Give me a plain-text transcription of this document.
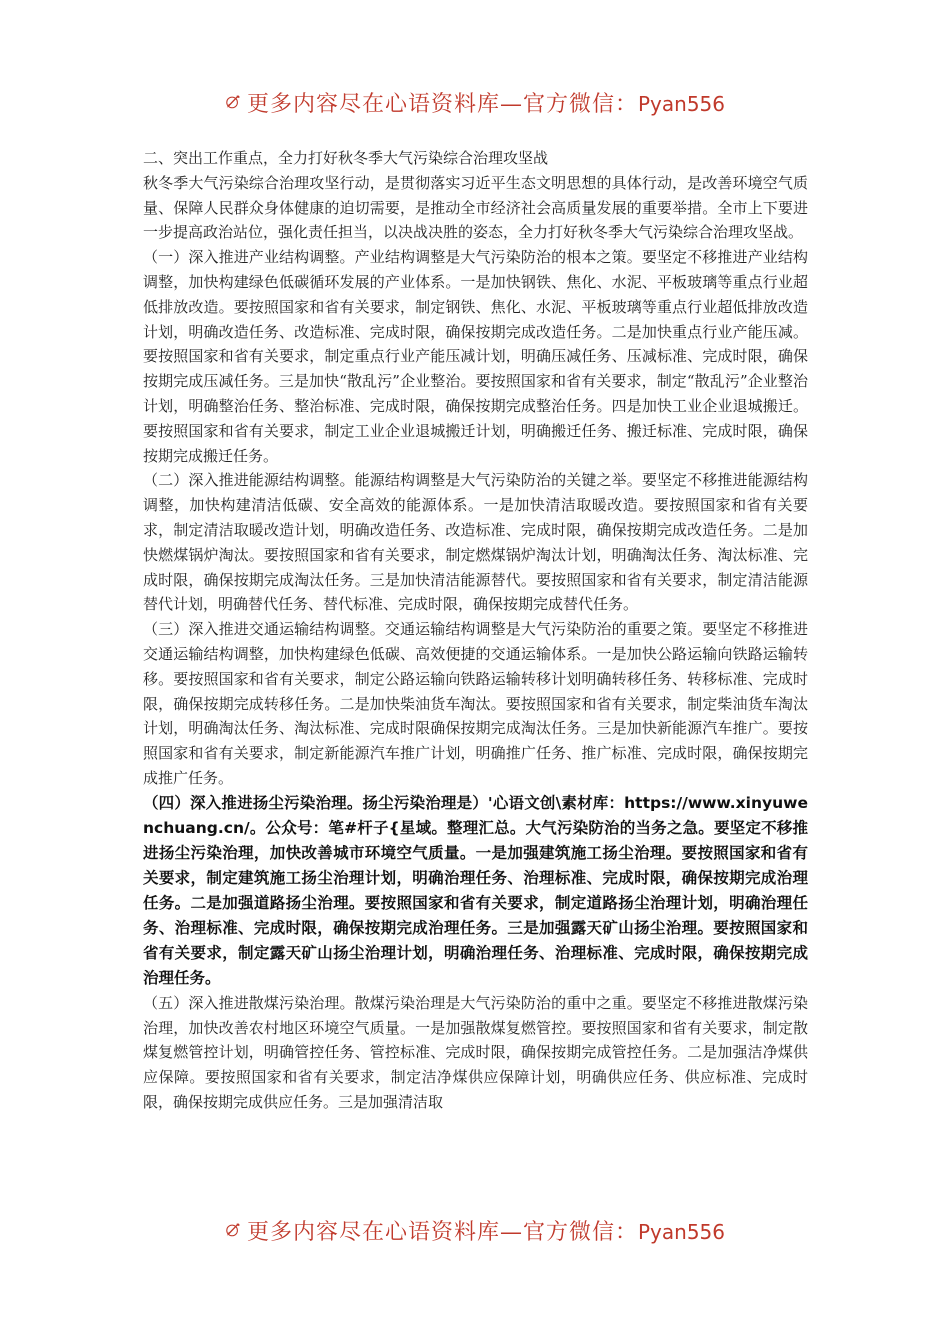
更多内容尽在心语资料库—官方微信：Pyan556

二、突出工作重点，全力打好秋冬季大气污染综合治理攻坚战

秋冬季大气污染综合治理攻坚行动，是贯彻落实习近平生态文明思想的具体行动，是改善环境空气质量、保障人民群众身体健康的迫切需要，是推动全市经济社会高质量发展的重要举措。全市上下要进一步提高政治站位，强化责任担当，以决战决胜的姿态，全力打好秋冬季大气污染综合治理攻坚战。

（一）深入推进产业结构调整。产业结构调整是大气污染防治的根本之策。要坚定不移推进产业结构调整，加快构建绿色低碳循环发展的产业体系。一是加快钢铁、焦化、水泥、平板玻璃等重点行业超低排放改造。要按照国家和省有关要求，制定钢铁、焦化、水泥、平板玻璃等重点行业超低排放改造计划，明确改造任务、改造标准、完成时限，确保按期完成改造任务。二是加快重点行业产能压减。要按照国家和省有关要求，制定重点行业产能压减计划，明确压减任务、压减标准、完成时限，确保按期完成压减任务。三是加快“散乱污”企业整治。要按照国家和省有关要求，制定“散乱污”企业整治计划，明确整治任务、整治标准、完成时限，确保按期完成整治任务。四是加快工业企业退城搬迁。要按照国家和省有关要求，制定工业企业退城搬迁计划，明确搬迁任务、搬迁标准、完成时限，确保按期完成搬迁任务。

（二）深入推进能源结构调整。能源结构调整是大气污染防治的关键之举。要坚定不移推进能源结构调整，加快构建清洁低碳、安全高效的能源体系。一是加快清洁取暖改造。要按照国家和省有关要求，制定清洁取暖改造计划，明确改造任务、改造标准、完成时限，确保按期完成改造任务。二是加快燃煤锅炉淘汰。要按照国家和省有关要求，制定燃煤锅炉淘汰计划，明确淘汰任务、淘汰标准、完成时限，确保按期完成淘汰任务。三是加快清洁能源替代。要按照国家和省有关要求，制定清洁能源替代计划，明确替代任务、替代标准、完成时限，确保按期完成替代任务。

（三）深入推进交通运输结构调整。交通运输结构调整是大气污染防治的重要之策。要坚定不移推进交通运输结构调整，加快构建绿色低碳、高效便捷的交通运输体系。一是加快公路运输向铁路运输转移。要按照国家和省有关要求，制定公路运输向铁路运输转移计划明确转移任务、转移标准、完成时限，确保按期完成转移任务。二是加快柴油货车淘汰。要按照国家和省有关要求，制定柴油货车淘汰计划，明确淘汰任务、淘汰标准、完成时限确保按期完成淘汰任务。三是加快新能源汽车推广。要按照国家和省有关要求，制定新能源汽车推广计划，明确推广任务、推广标准、完成时限，确保按期完成推广任务。

（四）深入推进扬尘污染治理。扬尘污染治理是）'心语文创\素材库：https://www.xinyuwenchuang.cn/。公众号：笔#杆子{星域。整理汇总。大气污染防治的当务之急。要坚定不移推进扬尘污染治理，加快改善城市环境空气质量。一是加强建筑施工扬尘治理。要按照国家和省有关要求，制定建筑施工扬尘治理计划，明确治理任务、治理标准、完成时限，确保按期完成治理任务。二是加强道路扬尘治理。要按照国家和省有关要求，制定道路扬尘治理计划，明确治理任务、治理标准、完成时限，确保按期完成治理任务。三是加强露天矿山扬尘治理。要按照国家和省有关要求，制定露天矿山扬尘治理计划，明确治理任务、治理标准、完成时限，确保按期完成治理任务。

（五）深入推进散煤污染治理。散煤污染治理是大气污染防治的重中之重。要坚定不移推进散煤污染治理，加快改善农村地区环境空气质量。一是加强散煤复燃管控。要按照国家和省有关要求，制定散煤复燃管控计划，明确管控任务、管控标准、完成时限，确保按期完成管控任务。二是加强洁净煤供应保障。要按照国家和省有关要求，制定洁净煤供应保障计划，明确供应任务、供应标准、完成时限，确保按期完成供应任务。三是加强清洁取

更多内容尽在心语资料库—官方微信：Pyan556
